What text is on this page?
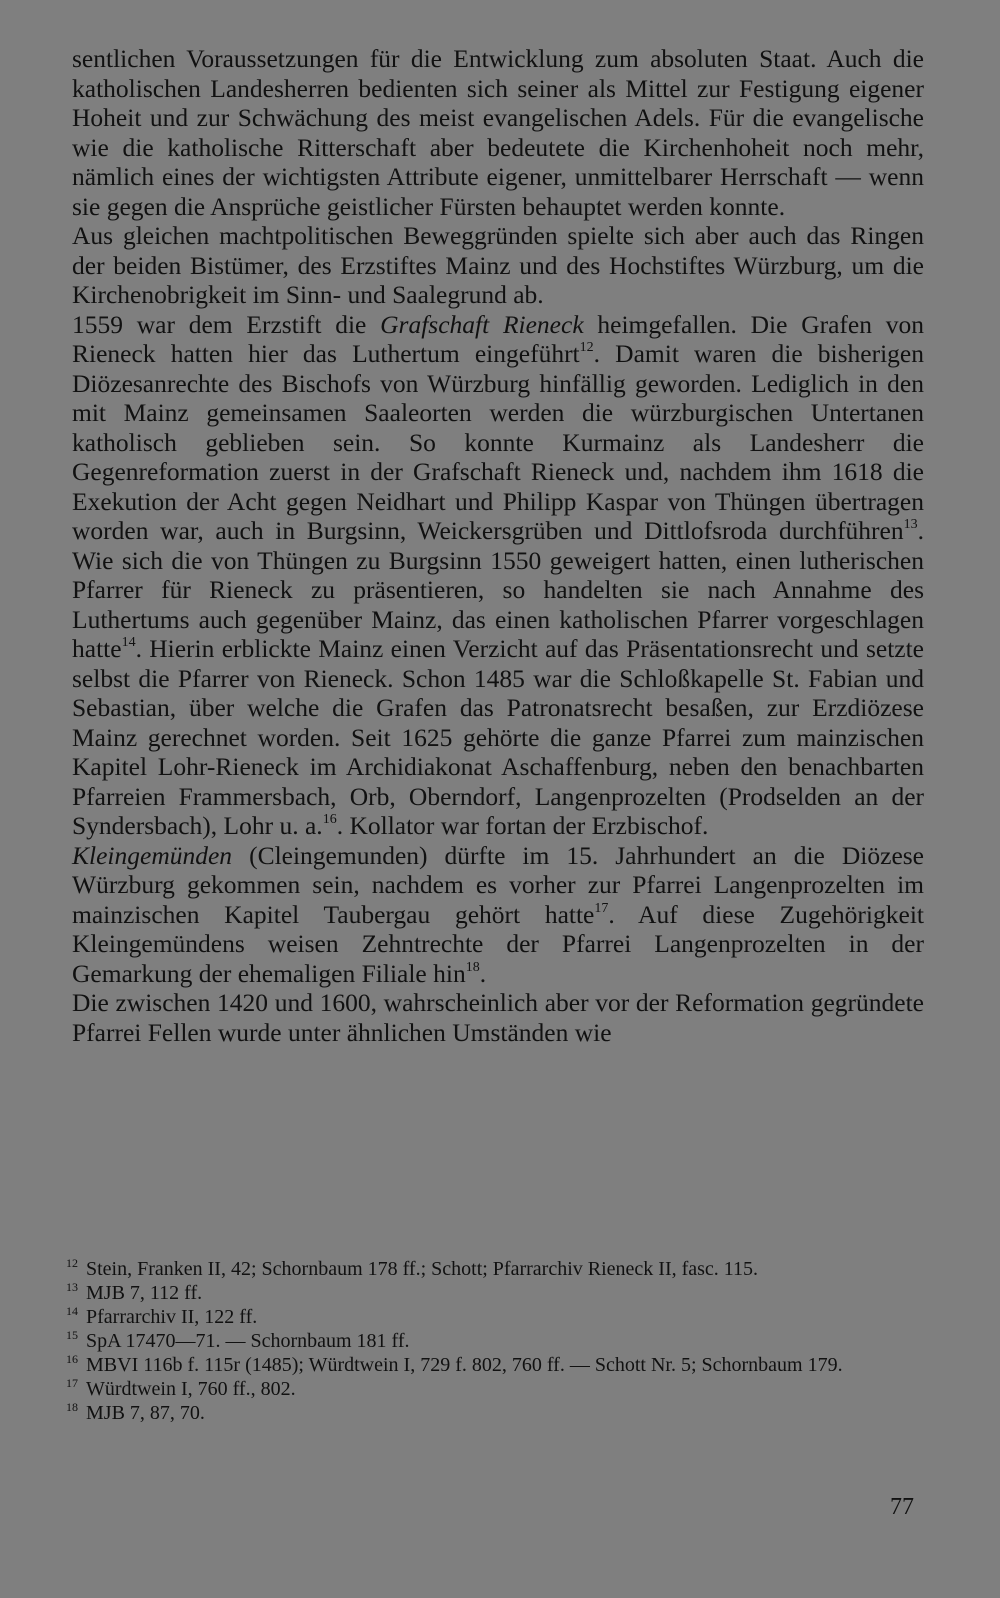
sentlichen Voraussetzungen für die Entwicklung zum absoluten Staat. Auch die katholischen Landesherren bedienten sich seiner als Mittel zur Festigung eigener Hoheit und zur Schwächung des meist evangelischen Adels. Für die evangelische wie die katholische Ritterschaft aber bedeutete die Kirchenhoheit noch mehr, nämlich eines der wichtigsten Attribute eigener, unmittelbarer Herrschaft — wenn sie gegen die Ansprüche geistlicher Fürsten behauptet werden konnte.

Aus gleichen machtpolitischen Beweggründen spielte sich aber auch das Ringen der beiden Bistümer, des Erzstiftes Mainz und des Hochstiftes Würzburg, um die Kirchenobrigkeit im Sinn- und Saalegrund ab.

1559 war dem Erzstift die Grafschaft Rieneck heimgefallen. Die Grafen von Rieneck hatten hier das Luthertum eingeführt$^{12}$. Damit waren die bisherigen Diözesanrechte des Bischofs von Würzburg hinfällig geworden. Lediglich in den mit Mainz gemeinsamen Saaleorten werden die würzburgischen Untertanen katholisch geblieben sein. So konnte Kurmainz als Landesherr die Gegenreformation zuerst in der Grafschaft Rieneck und, nachdem ihm 1618 die Exekution der Acht gegen Neidhart und Philipp Kaspar von Thüngen übertragen worden war, auch in Burgsinn, Weickersgrüben und Dittlofsroda durchführen$^{13}$. Wie sich die von Thüngen zu Burgsinn 1550 geweigert hatten, einen lutherischen Pfarrer für Rieneck zu präsentieren, so handelten sie nach Annahme des Luthertums auch gegenüber Mainz, das einen katholischen Pfarrer vorgeschlagen hatte$^{14}$. Hierin erblickte Mainz einen Verzicht auf das Präsentationsrecht und setzte selbst die Pfarrer von Rieneck. Schon 1485 war die Schloßkapelle St. Fabian und Sebastian, über welche die Grafen das Patronatsrecht besaßen, zur Erzdiözese Mainz gerechnet worden. Seit 1625 gehörte die ganze Pfarrei zum mainzischen Kapitel Lohr-Rieneck im Archidiakonat Aschaffenburg, neben den benachbarten Pfarreien Frammersbach, Orb, Oberndorf, Langenprozelten (Prodselden an der Syndersbach), Lohr u. a.$^{16}$. Kollator war fortan der Erzbischof.

Kleingemünden (Cleingemunden) dürfte im 15. Jahrhundert an die Diözese Würzburg gekommen sein, nachdem es vorher zur Pfarrei Langenprozelten im mainzischen Kapitel Taubergau gehört hatte$^{17}$. Auf diese Zugehörigkeit Kleingemündens weisen Zehntrechte der Pfarrei Langenprozelten in der Gemarkung der ehemaligen Filiale hin$^{18}$.

Die zwischen 1420 und 1600, wahrscheinlich aber vor der Reformation gegründete Pfarrei Fellen wurde unter ähnlichen Umständen wie

$^{12}$ Stein, Franken II, 42; Schornbaum 178 ff.; Schott; Pfarrarchiv Rieneck II, fasc. 115.

$^{13}$ MJB 7, 112 ff.

$^{14}$ Pfarrarchiv II, 122 ff.

$^{15}$ SpA 17470—71. — Schornbaum 181 ff.

$^{16}$ MBVI 116b f. 115r (1485); Würdtwein I, 729 f. 802, 760 ff. — Schott Nr. 5; Schornbaum 179.

$^{17}$ Würdtwein I, 760 ff., 802.

$^{18}$ MJB 7, 87, 70.

77
